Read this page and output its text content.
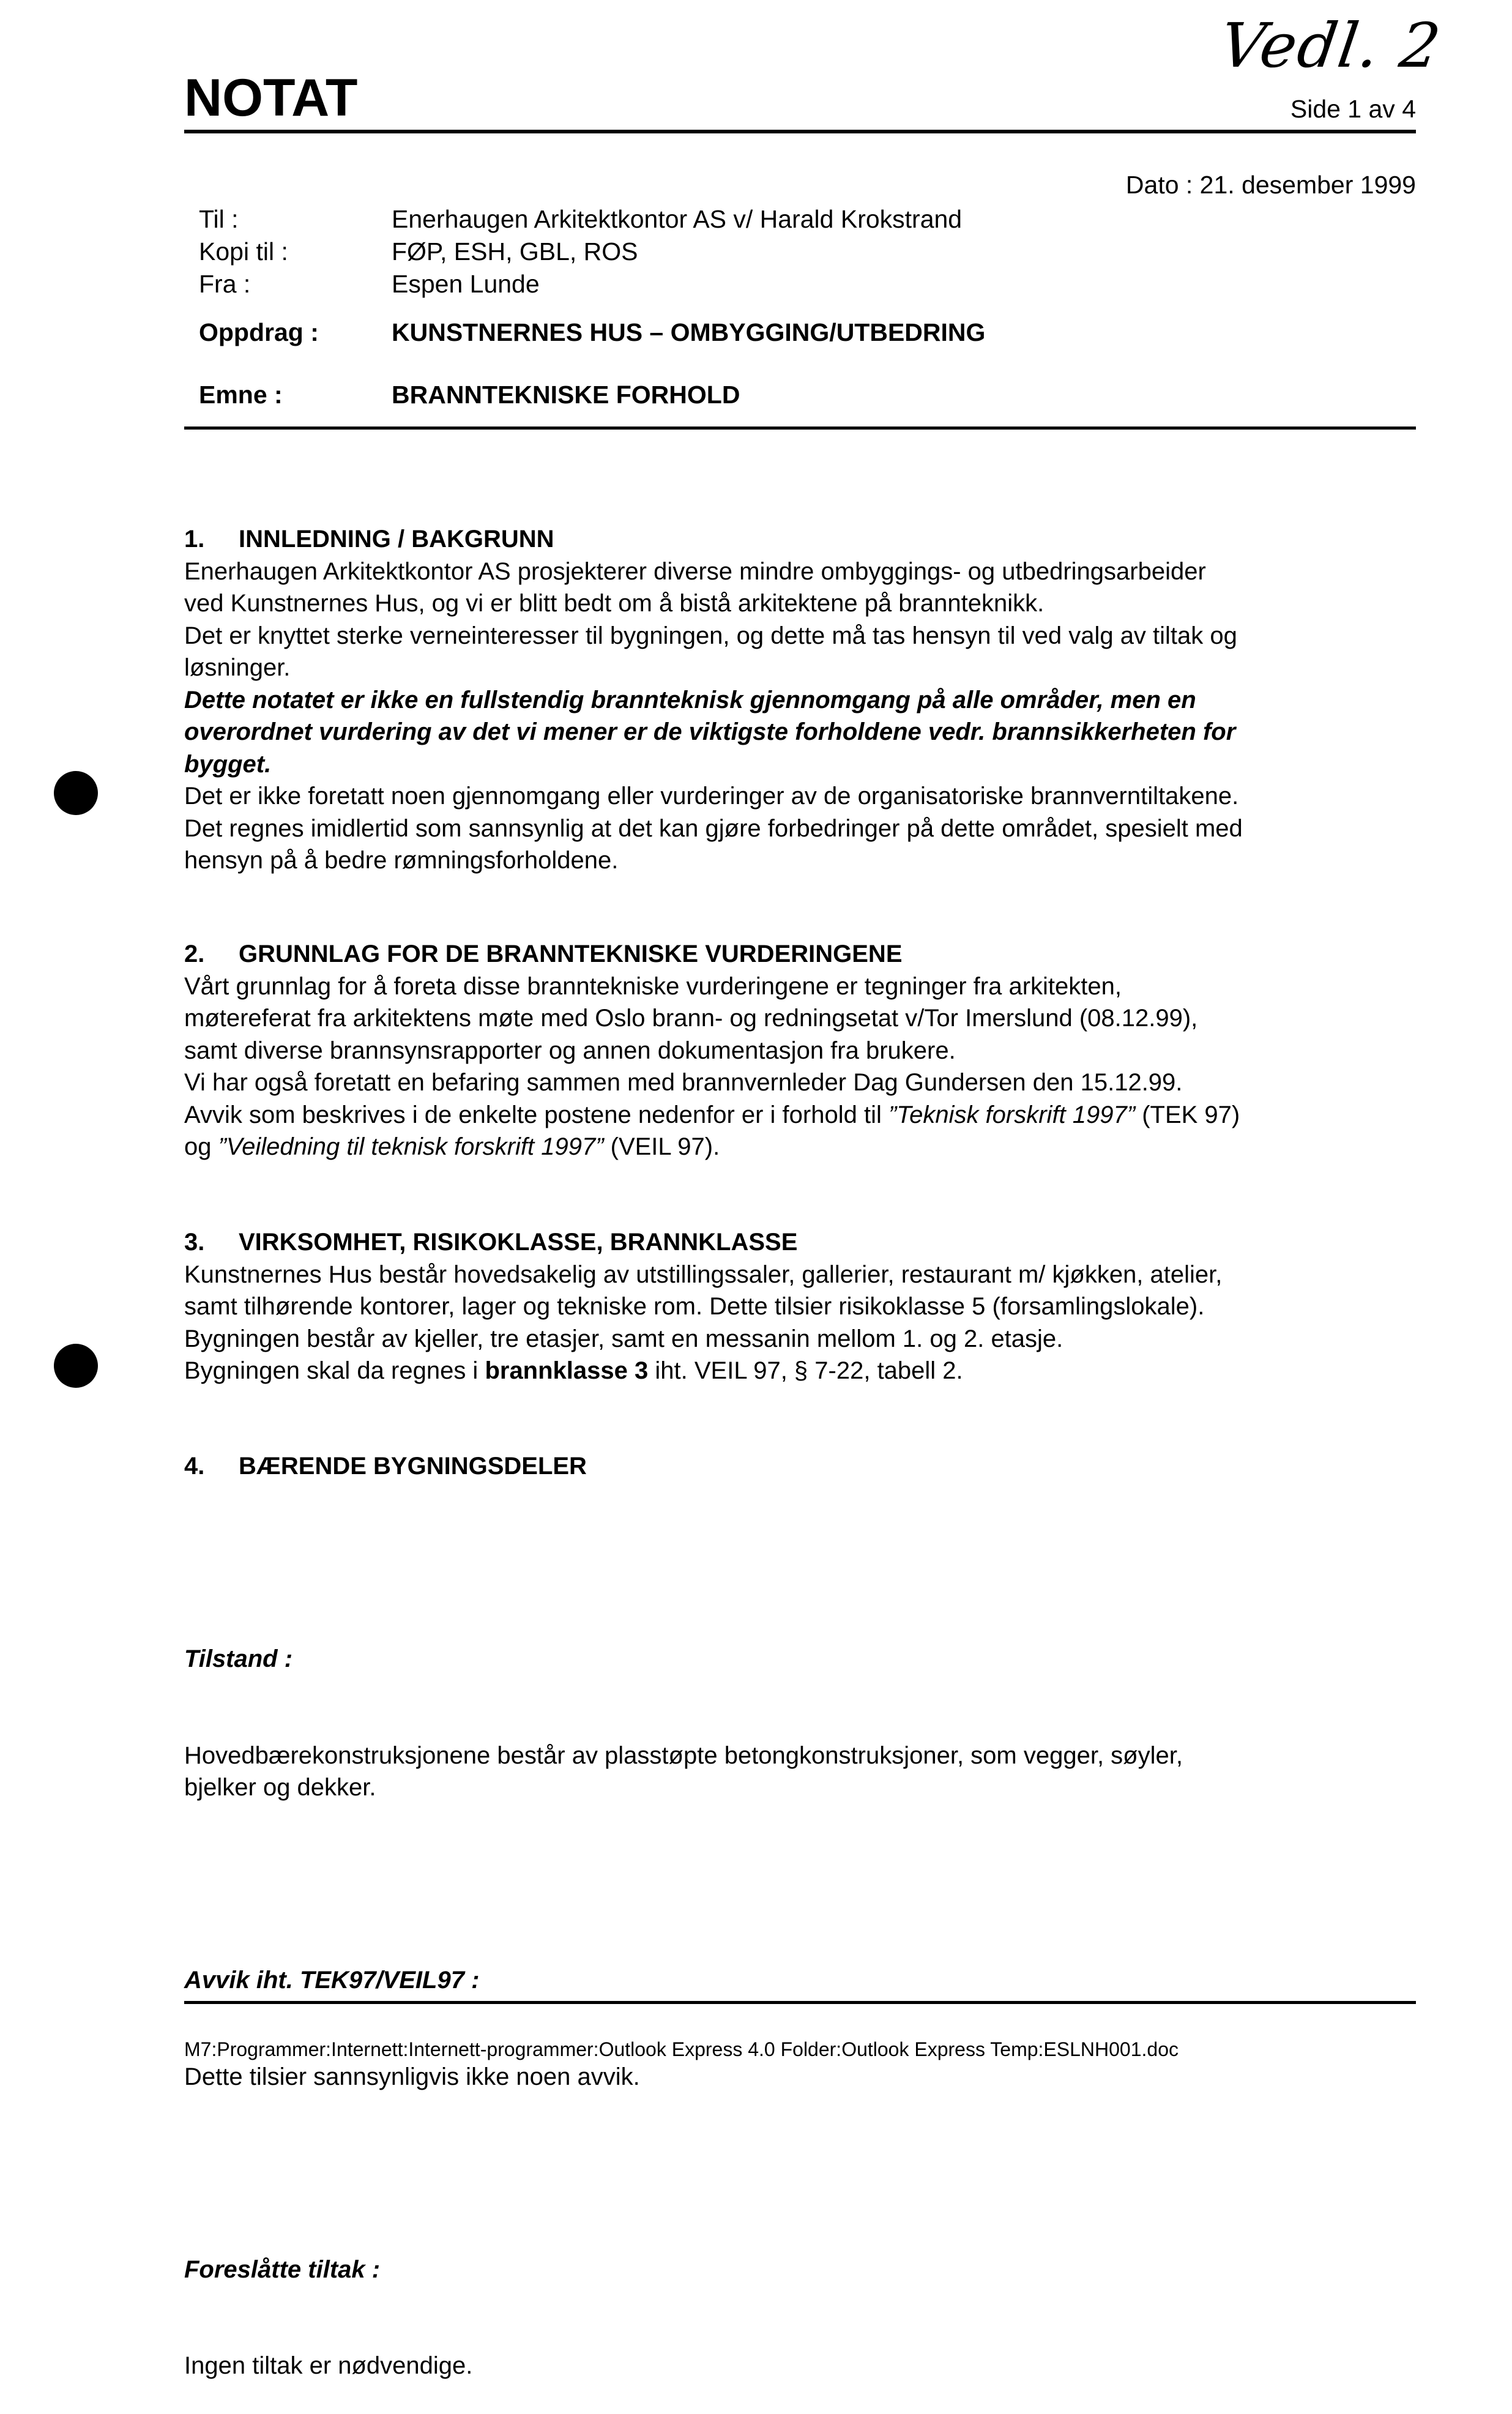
Vedl. 2
NOTAT	Side 1 av 4
Dato : 21. desember 1999
Til :	Enerhaugen Arkitektkontor AS v/ Harald Krokstrand
Kopi til :	FØP, ESH, GBL, ROS
Fra :	Espen Lunde
Oppdrag :	KUNSTNERNES HUS – OMBYGGING/UTBEDRING
Emne :	BRANNTEKNISKE FORHOLD
1. INNLEDNING / BAKGRUNN
Enerhaugen Arkitektkontor AS prosjekterer diverse mindre ombyggings- og utbedringsarbeider
ved Kunstnernes Hus, og vi er blitt bedt om å bistå arkitektene på brannteknikk.
Det er knyttet sterke verneinteresser til bygningen, og dette må tas hensyn til ved valg av tiltak og
løsninger.
Dette notatet er ikke en fullstendig brannteknisk gjennomgang på alle områder, men en
overordnet vurdering av det vi mener er de viktigste forholdene vedr. brannsikkerheten for
bygget.
Det er ikke foretatt noen gjennomgang eller vurderinger av de organisatoriske brannverntiltakene.
Det regnes imidlertid som sannsynlig at det kan gjøre forbedringer på dette området, spesielt med
hensyn på å bedre rømningsforholdene.
2. GRUNNLAG FOR DE BRANNTEKNISKE VURDERINGENE
Vårt grunnlag for å foreta disse branntekniske vurderingene er tegninger fra arkitekten,
møtereferat fra arkitektens møte med Oslo brann- og redningsetat v/Tor Imerslund (08.12.99),
samt diverse brannsynsrapporter og annen dokumentasjon fra brukere.
Vi har også foretatt en befaring sammen med brannvernleder Dag Gundersen den 15.12.99.
Avvik som beskrives i de enkelte postene nedenfor er i forhold til ”Teknisk forskrift 1997” (TEK 97)
og ”Veiledning til teknisk forskrift 1997” (VEIL 97).
3. VIRKSOMHET, RISIKOKLASSE, BRANNKLASSE
Kunstnernes Hus består hovedsakelig av utstillingssaler, gallerier, restaurant m/ kjøkken, atelier,
samt tilhørende kontorer, lager og tekniske rom. Dette tilsier risikoklasse 5 (forsamlingslokale).
Bygningen består av kjeller, tre etasjer, samt en messanin mellom 1. og 2. etasje.
Bygningen skal da regnes i brannklasse 3 iht. VEIL 97, § 7-22, tabell 2.
4. BÆRENDE BYGNINGSDELER

Tilstand :

Hovedbærekonstruksjonene består av plasstøpte betongkonstruksjoner, som vegger, søyler,
bjelker og dekker.

Avvik iht. TEK97/VEIL97 :

Dette tilsier sannsynligvis ikke noen avvik.

Foreslåtte tiltak :

Ingen tiltak er nødvendige.

M7:Programmer:Internett:Internett-programmer:Outlook Express 4.0 Folder:Outlook Express Temp:ESLNH001.doc
